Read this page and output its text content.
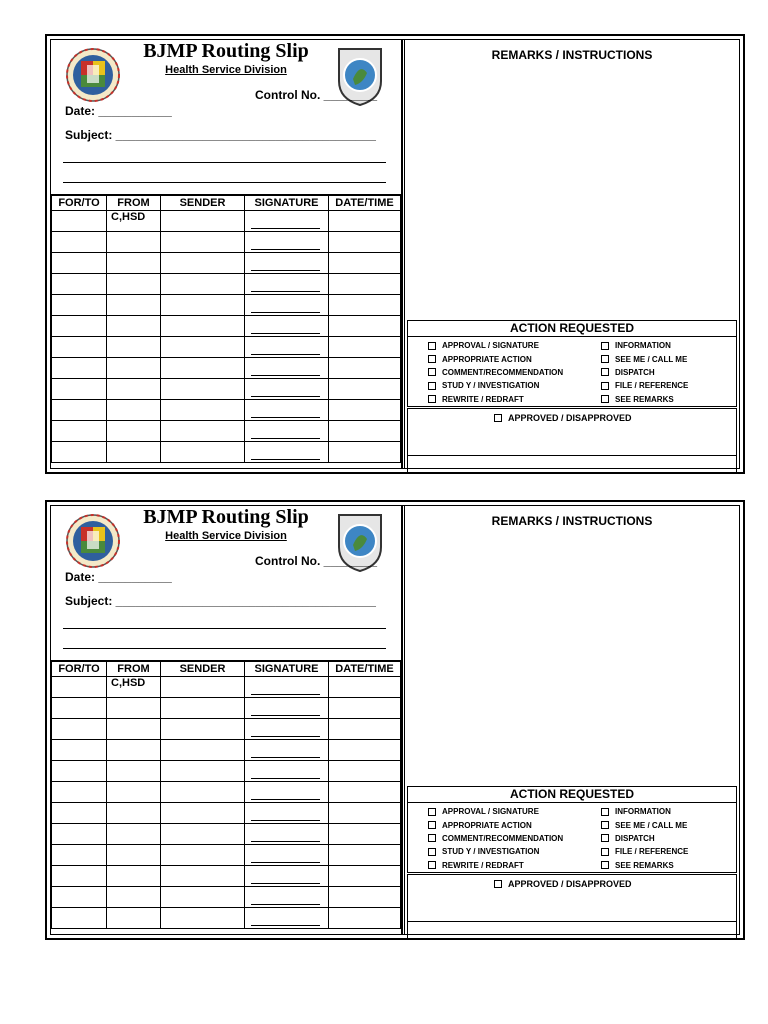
BJMP Routing Slip
Health Service Division
Control No. ________
Date: ___________
Subject: _______________________________________
FOR/TO	FROM	SENDER	SIGNATURE	DATE/TIME
	C,HSD		

REMARKS / INSTRUCTIONS
ACTION REQUESTED
APPROVAL / SIGNATURE
APPROPRIATE ACTION
COMMENT/RECOMMENDATION
STUD Y / INVESTIGATION
REWRITE / REDRAFT
INFORMATION
SEE ME / CALL ME
DISPATCH
FILE / REFERENCE
SEE REMARKS
APPROVED / DISAPPROVED
BJMP Routing Slip
Health Service Division
Control No. ________
Date: ___________
Subject: _______________________________________
FOR/TO	FROM	SENDER	SIGNATURE	DATE/TIME
	C,HSD		

REMARKS / INSTRUCTIONS
ACTION REQUESTED
APPROVAL / SIGNATURE
APPROPRIATE ACTION
COMMENT/RECOMMENDATION
STUD Y / INVESTIGATION
REWRITE / REDRAFT
INFORMATION
SEE ME / CALL ME
DISPATCH
FILE / REFERENCE
SEE REMARKS
APPROVED / DISAPPROVED
